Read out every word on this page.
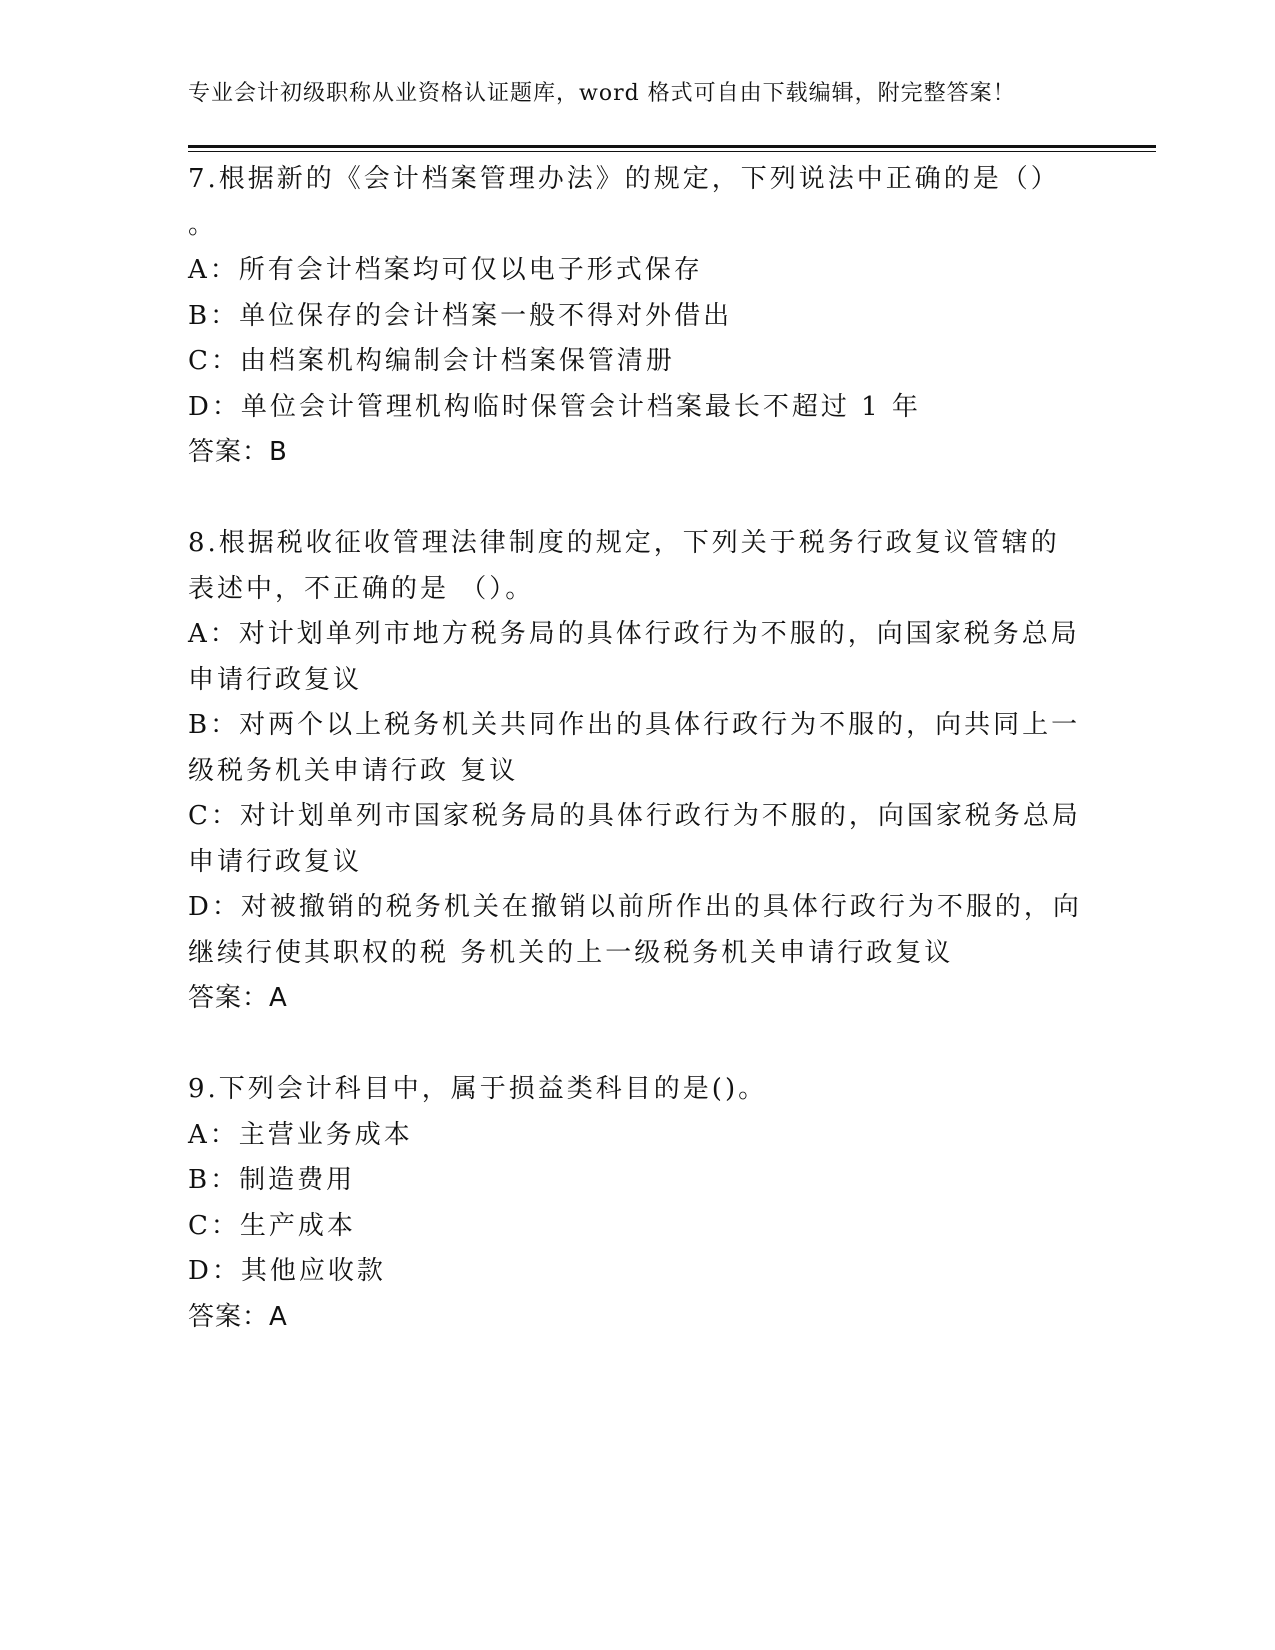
专业会计初级职称从业资格认证题库，word 格式可自由下载编辑，附完整答案！
7.根据新的《会计档案管理办法》的规定，下列说法中正确的是（）
。
A：所有会计档案均可仅以电子形式保存
B：单位保存的会计档案一般不得对外借出
C：由档案机构编制会计档案保管清册
D：单位会计管理机构临时保管会计档案最长不超过 1 年
答案：B
8.根据税收征收管理法律制度的规定，下列关于税务行政复议管辖的
表述中，不正确的是 （）。
A：对计划单列市地方税务局的具体行政行为不服的，向国家税务总局
申请行政复议
B：对两个以上税务机关共同作出的具体行政行为不服的，向共同上一
级税务机关申请行政 复议
C：对计划单列市国家税务局的具体行政行为不服的，向国家税务总局
申请行政复议
D：对被撤销的税务机关在撤销以前所作出的具体行政行为不服的，向
继续行使其职权的税 务机关的上一级税务机关申请行政复议
答案：A
9.下列会计科目中，属于损益类科目的是()。
A：主营业务成本
B：制造费用
C：生产成本
D：其他应收款
答案：A
